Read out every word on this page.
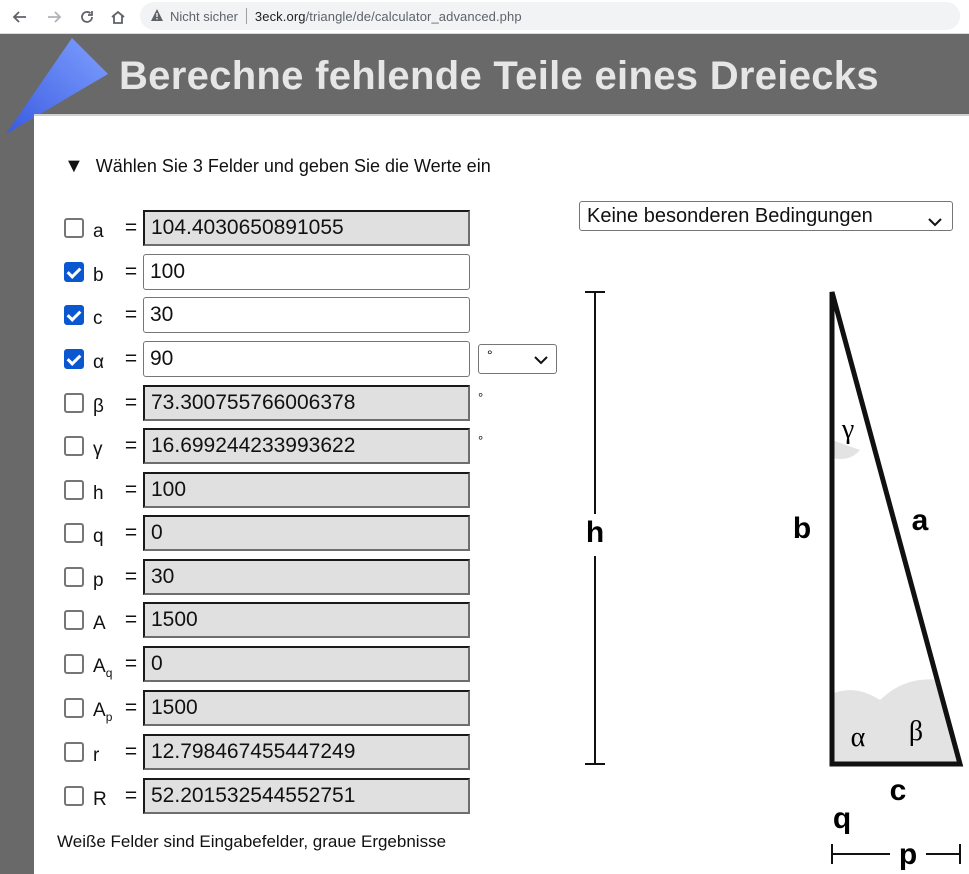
Nicht sicher 3eck.org/triangle/de/calculator_advanced.php
Berechne fehlende Teile eines Dreiecks
▼ Wählen Sie 3 Felder und geben Sie die Werte ein
a	=
104.4030650891055
b	=
100
c	=
30
α =
90	°
β =
73.300755766006378	°
γ	=
16.699244233993622	°
h	=
100
q	=
0
p	=
30
A =
1500
$A_q$ =
0
$A_p$ =
1500
r	=
12.798467455447249
R =
52.201532544552751
Weiße Felder sind Eingabefelder, graue Ergebnisse
Keine besonderen Bedingungen
h	b	a
c
γ
α β
q
p
